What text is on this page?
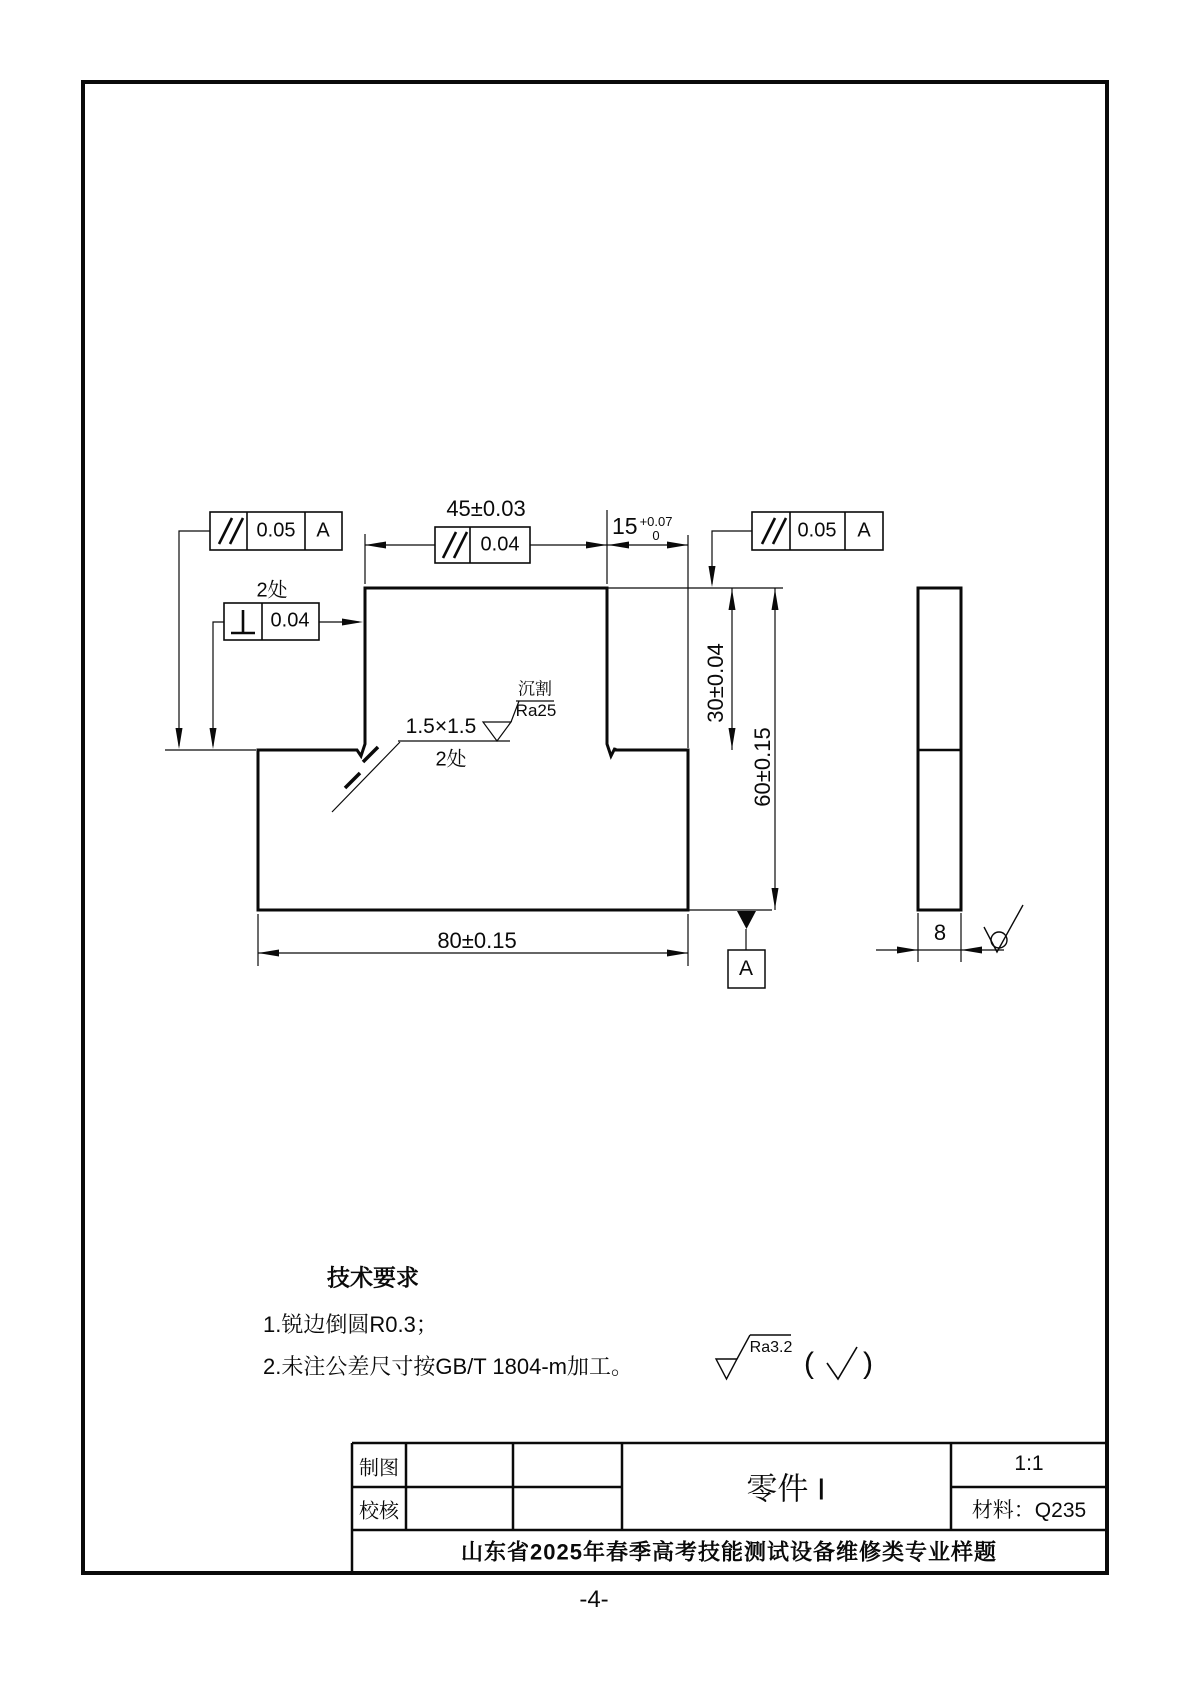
45±0.03
15 +0.07
0
2处
0.05 A
0.04
0.04
0.05 A
30±0.04
60±0.15
80±0.15	8
A
1.5×1.5
2处
沉割
Ra25
Ra3.2 ( )
技术要求
1.锐边倒圆R0.3；
2.未注公差尺寸按GB/T 1804-m加工。
制图
校核
零件 I
1:1
材料：Q235
山东省2025年春季高考技能测试设备维修类专业样题
-4-
